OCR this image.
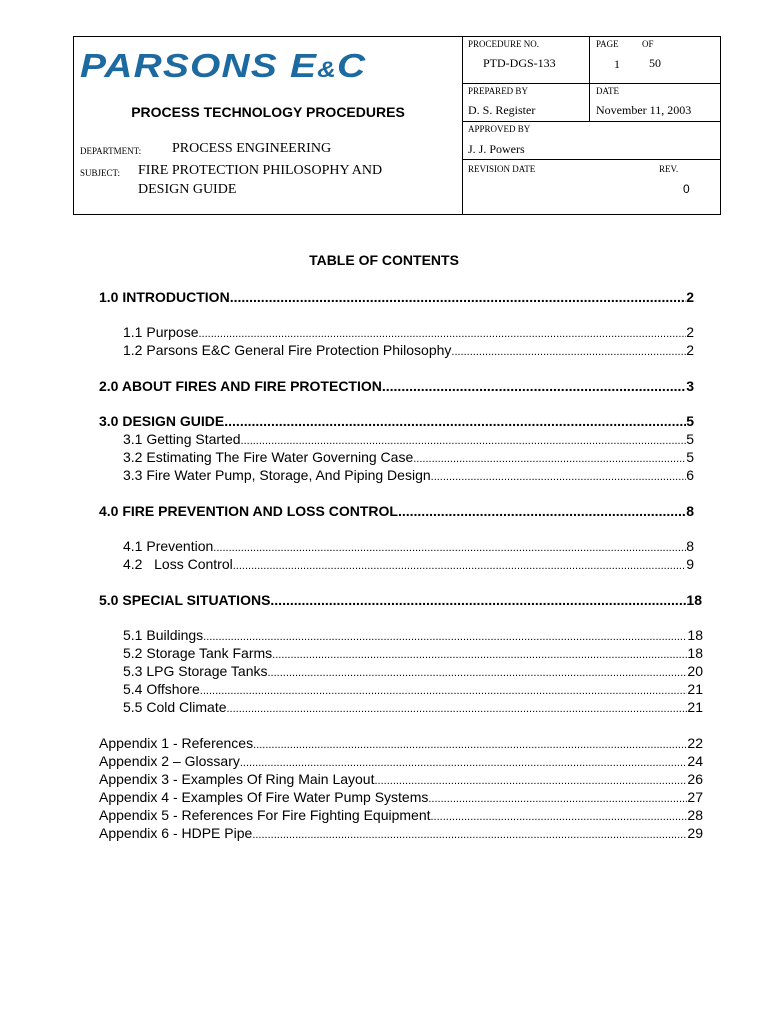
PARSONS E&C
PROCESS TECHNOLOGY PROCEDURES
DEPARTMENT: PROCESS ENGINEERING
SUBJECT: FIRE PROTECTION PHILOSOPHY AND
DESIGN GUIDE
PROCEDURE NO.
PTD-DGS-133
PAGE	OF
1 50
PREPARED BY
D. S. Register
DATE
November 11, 2003
APPROVED BY
J. J. Powers
REVISION DATE	REV.
0
TABLE OF CONTENTS
1.0 INTRODUCTION .....	2
1.1 Purpose .....	2
1.2 Parsons E&C General Fire Protection Philosophy .....	2
2.0 ABOUT FIRES AND FIRE PROTECTION .....	3
3.0 DESIGN GUIDE .....	5
3.1 Getting Started .....	5
3.2 Estimating The Fire Water Governing Case .....	5
3.3 Fire Water Pump, Storage, And Piping Design .....	6
4.0 FIRE PREVENTION AND LOSS CONTROL .....	8
4.1 Prevention .....	8
4.2   Loss Control .....	9
5.0 SPECIAL SITUATIONS .....	18
5.1 Buildings .....	18
5.2 Storage Tank Farms .....	18
5.3 LPG Storage Tanks .....	20
5.4 Offshore .....	21
5.5 Cold Climate .....	21
Appendix 1 - References .....	22
Appendix 2 – Glossary .....	24
Appendix 3 - Examples Of Ring Main Layout .....	26
Appendix 4 - Examples Of Fire Water Pump Systems .....	27
Appendix 5 - References For Fire Fighting Equipment .....	28
Appendix 6 - HDPE Pipe .....	29
